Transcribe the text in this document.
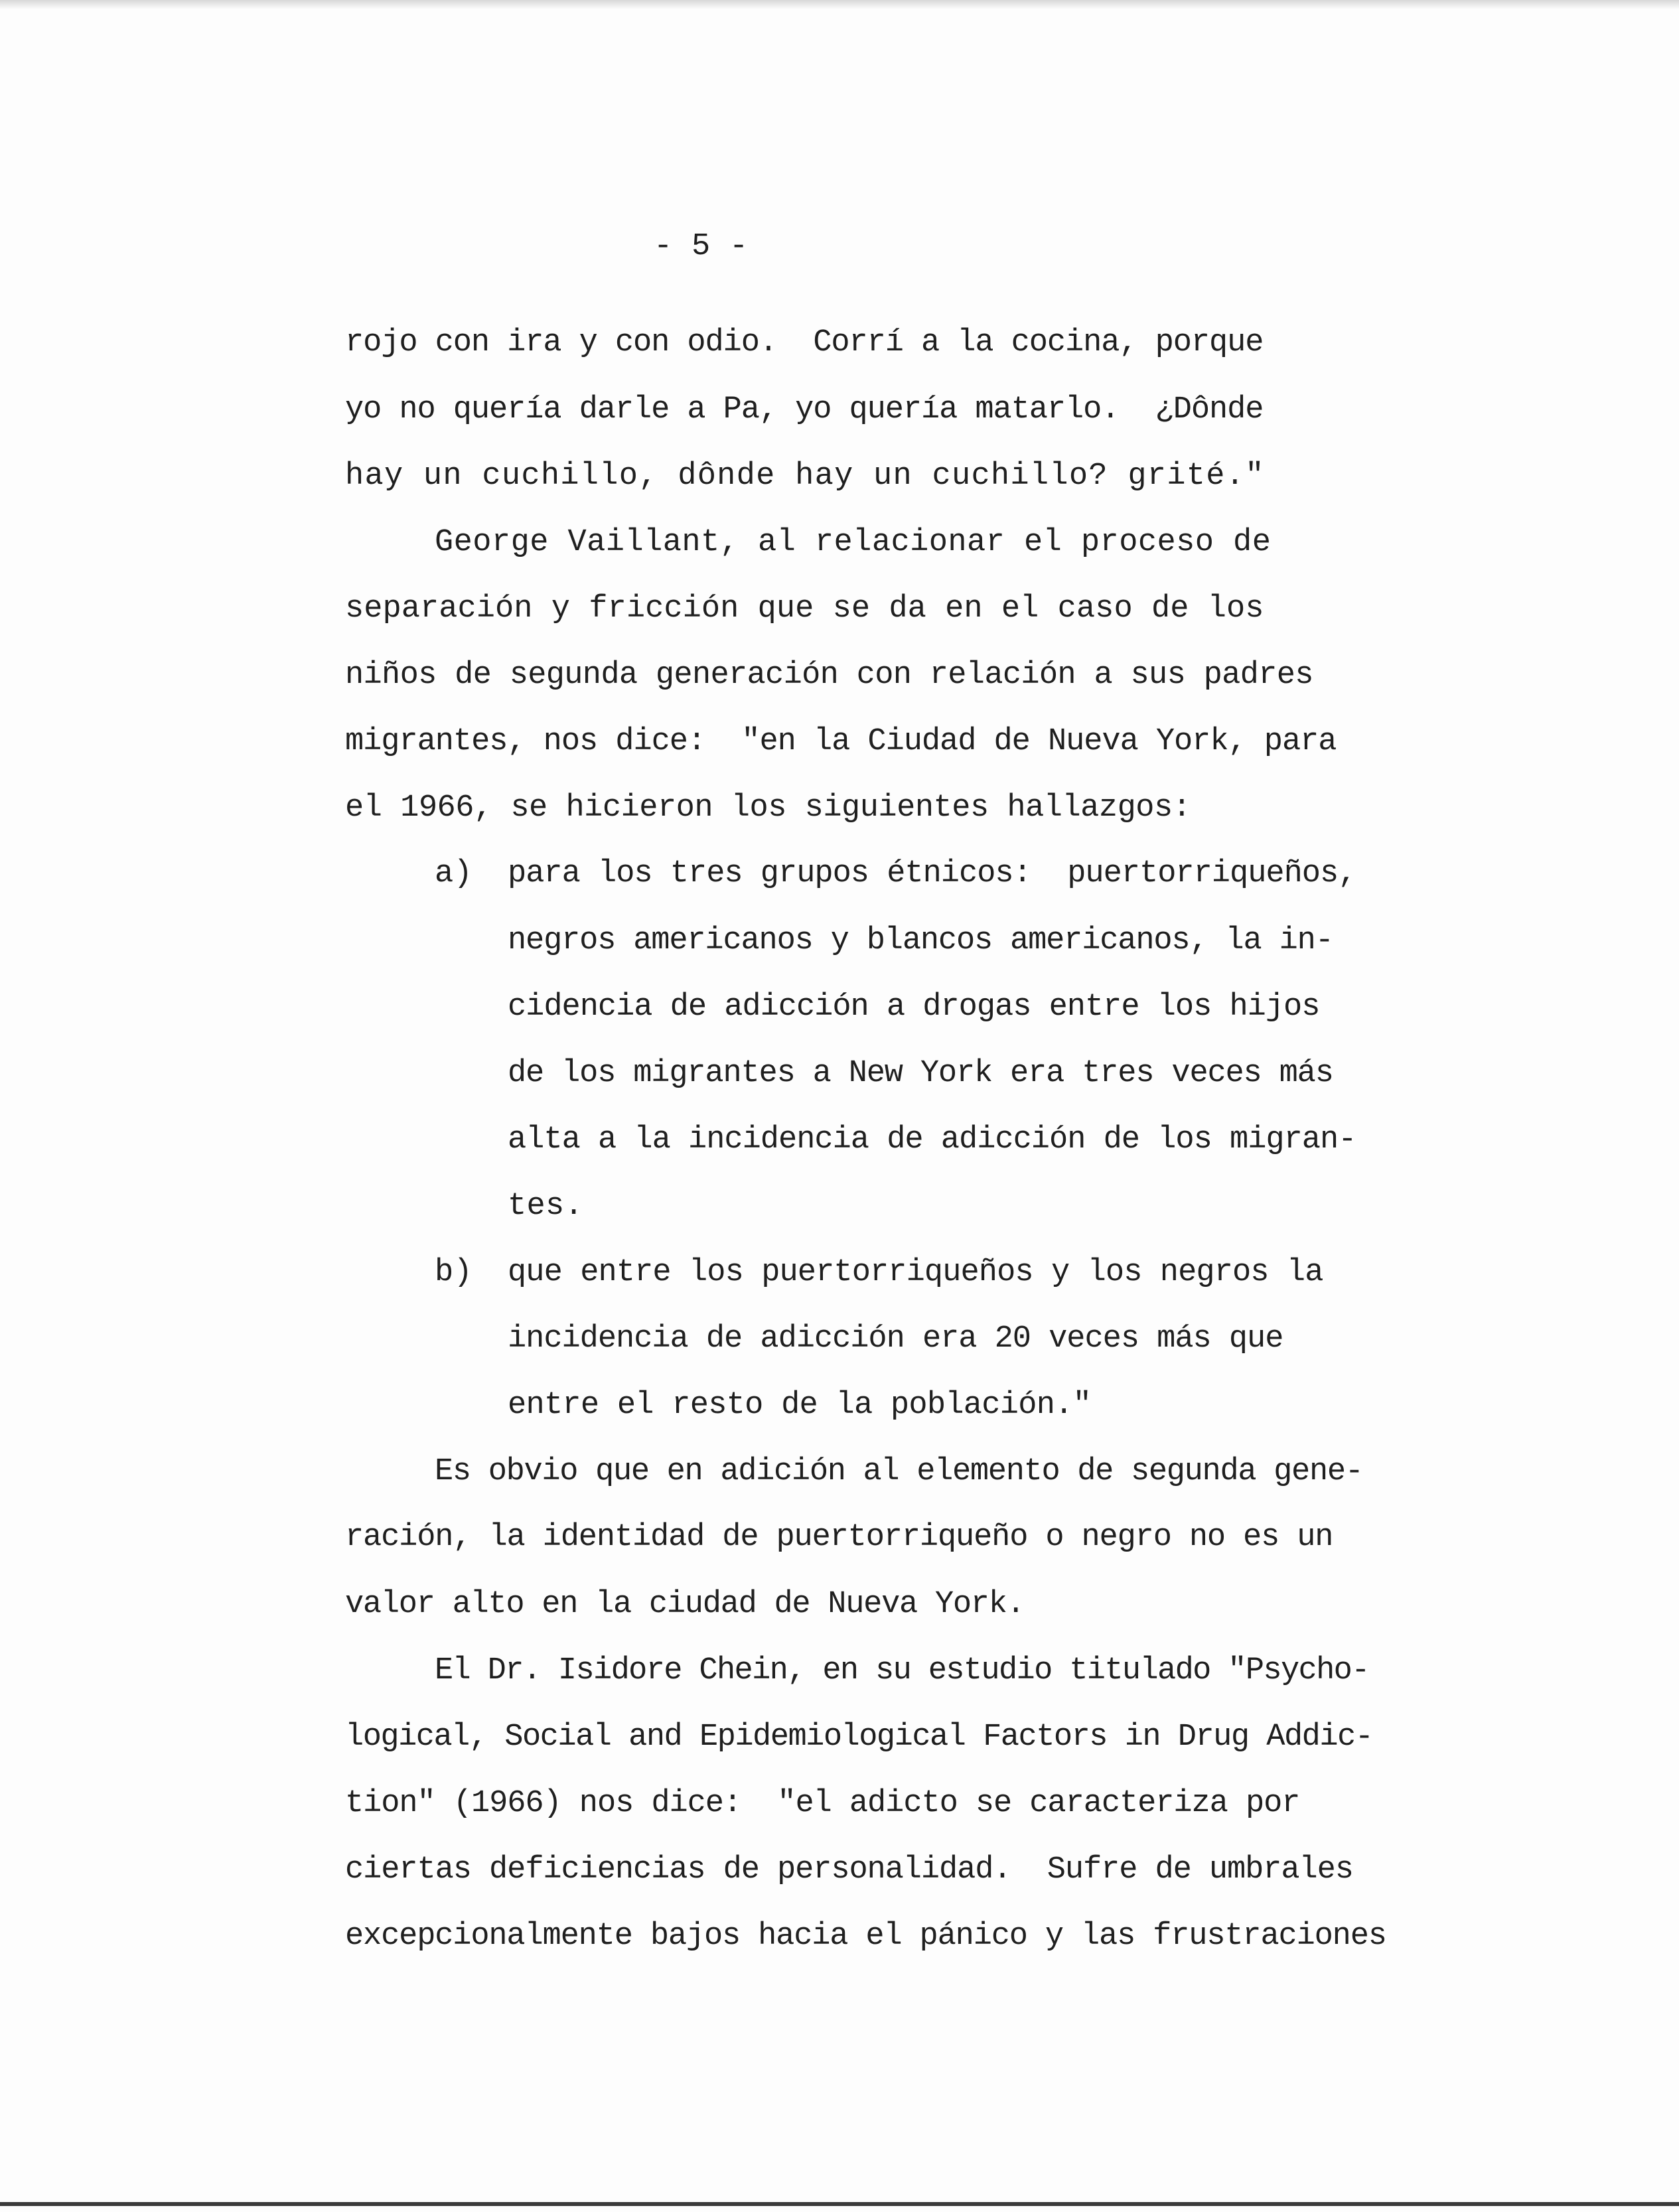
- 5 -
rojo con ira y con odio.  Corrí a la cocina, porque
yo no quería darle a Pa, yo quería matarlo.  ¿Dônde
hay un cuchillo, dônde hay un cuchillo? grité."
George Vaillant, al relacionar el proceso de
separación y fricción que se da en el caso de los
niños de segunda generación con relación a sus padres
migrantes, nos dice:  "en la Ciudad de Nueva York, para
el 1966, se hicieron los siguientes hallazgos:
a) para los tres grupos étnicos:  puertorriqueños,
negros americanos y blancos americanos, la in-
cidencia de adicción a drogas entre los hijos
de los migrantes a New York era tres veces más
alta a la incidencia de adicción de los migran-
tes.
b) que entre los puertorriqueños y los negros la
incidencia de adicción era 20 veces más que
entre el resto de la población."
Es obvio que en adición al elemento de segunda gene-
ración, la identidad de puertorriqueño o negro no es un
valor alto en la ciudad de Nueva York.
El Dr. Isidore Chein, en su estudio titulado "Psycho-
logical, Social and Epidemiological Factors in Drug Addic-
tion" (1966) nos dice:  "el adicto se caracteriza por
ciertas deficiencias de personalidad.  Sufre de umbrales
excepcionalmente bajos hacia el pánico y las frustraciones
